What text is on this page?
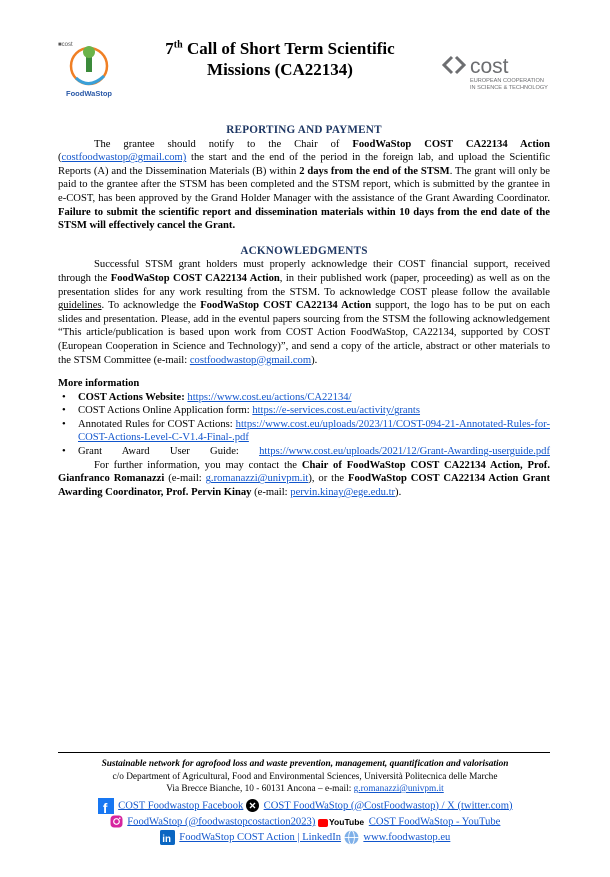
■cost
FoodWaStop
7th Call of Short Term Scientific
Missions (CA22134)	cost
EUROPEAN COOPERATION
IN SCIENCE & TECHNOLOGY
REPORTING AND PAYMENT

The grantee should notify to the Chair of FoodWaStop COST CA22134 Action (costfoodwastop@gmail.com) the start and the end of the period in the foreign lab, and upload the Scientific Reports (A) and the Dissemination Materials (B) within 2 days from the end of the STSM. The grant will only be paid to the grantee after the STSM has been completed and the STSM report, which is submitted by the grantee in e-COST, has been approved by the Grand Holder Manager with the assistance of the Grant Awarding Coordinator. Failure to submit the scientific report and dissemination materials within 10 days from the end date of the STSM will effectively cancel the Grant.

ACKNOWLEDGMENTS

Successful STSM grant holders must properly acknowledge their COST financial support, received through the FoodWaStop COST CA22134 Action, in their published work (paper, proceeding) as well as on the presentation slides for any work resulting from the STSM. To acknowledge COST please follow the available guidelines. To acknowledge the FoodWaStop COST CA22134 Action support, the logo has to be put on each slides and presentation. Please, add in the eventul papers sourcing from the STSM the following acknowledgement “This article/publication is based upon work from COST Action FoodWaStop, CA22134, supported by COST (European Cooperation in Science and Technology)”, and send a copy of the article, abstract or other materials to the STSM Committee (e-mail: costfoodwastop@gmail.com).

More information

• COST Actions Website: https://www.cost.eu/actions/CA22134/
• COST Actions Online Application form: https://e-services.cost.eu/activity/grants
• Annotated Rules for COST Actions: https://www.cost.eu/uploads/2023/11/COST-094-21-Annotated-Rules-for-COST-Actions-Level-C-V1.4-Final-.pdf
• Grant Award User Guide: https://www.cost.eu/uploads/2021/12/Grant-Awarding-userguide.pdf

For further information, you may contact the Chair of FoodWaStop COST CA22134 Action, Prof. Gianfranco Romanazzi (e-mail: g.romanazzi@univpm.it), or the FoodWaStop COST CA22134 Action Grant Awarding Coordinator, Prof. Pervin Kinay (e-mail: pervin.kinay@ege.edu.tr).

Sustainable network for agrofood loss and waste prevention, management, quantification and valorisation
c/o Department of Agricultural, Food and Environmental Sciences, Università Politecnica delle Marche
Via Brecce Bianche, 10 - 60131 Ancona – e-mail: g.romanazzi@univpm.it
f COST Foodwastop Facebook COST FoodWaStop (@CostFoodwastop) / X (twitter.com)
FoodWaStop (@foodwastopcostaction2023) YouTube COST FoodWaStop - YouTube
in FoodWaStop COST Action | LinkedIn www.foodwastop.eu
